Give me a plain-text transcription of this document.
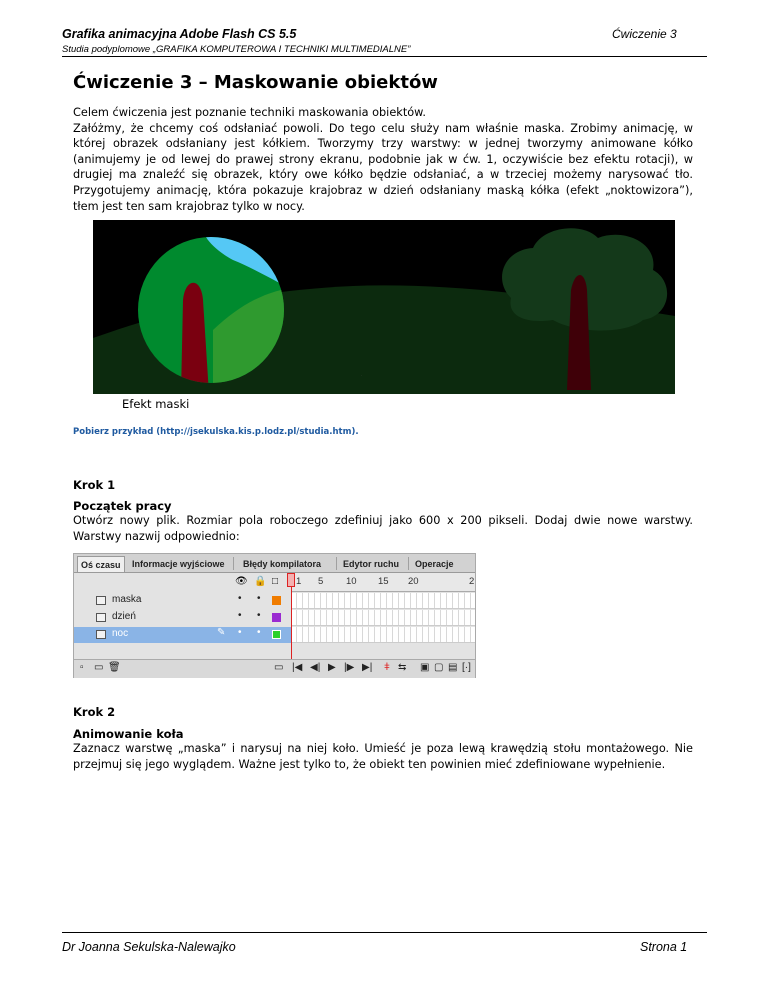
Grafika animacyjna Adobe Flash CS 5.5	Ćwiczenie 3
Studia podyplomowe „GRAFIKA KOMPUTEROWA I TECHNIKI MULTIMEDIALNE”
Ćwiczenie 3 – Maskowanie obiektów

Celem ćwiczenia jest poznanie techniki maskowania obiektów.

Załóżmy, że chcemy coś odsłaniać powoli. Do tego celu służy nam właśnie maska. Zrobimy animację, w której obrazek odsłaniany jest kółkiem. Tworzymy trzy warstwy: w jednej tworzymy animowane kółko (animujemy je od lewej do prawej strony ekranu, podobnie jak w ćw. 1, oczywiście bez efektu rotacji), w drugiej ma znaleźć się obrazek, który owe kółko będzie odsłaniać, a w trzeciej możemy narysować tło. Przygotujemy animację, która pokazuje krajobraz w dzień odsłaniany maską kółka (efekt „noktowizora”), tłem jest ten sam krajobraz tylko w nocy.

.
Efekt maski
Pobierz przykład (http://jsekulska.kis.p.lodz.pl/studia.htm).
Krok 1
Początek pracy

Otwórz nowy plik. Rozmiar pola roboczego zdefiniuj jako 600 x 200 pikseli. Dodaj dwie nowe warstwy. Warstwy nazwij odpowiednio:

Oś czasu	Informacje wyjściowe	Błędy kompilatora	Edytor ruchu	Operacje
👁 🔒 □ 1 5 10 15 20	2
maska	• •
dzień	• •
noc	✎ • •
▫ ▭ 🗑	▭ |◀ ◀| ▶ |▶ ▶| ǂ ⇆ ▣ ▢ ▤ [·]
Krok 2
Animowanie koła

Zaznacz warstwę „maska” i narysuj na niej koło. Umieść je poza lewą krawędzią stołu montażowego. Nie przejmuj się jego wyglądem. Ważne jest tylko to, że obiekt ten powinien mieć zdefiniowane wypełnienie.

Dr Joanna Sekulska-Nalewajko	Strona 1
